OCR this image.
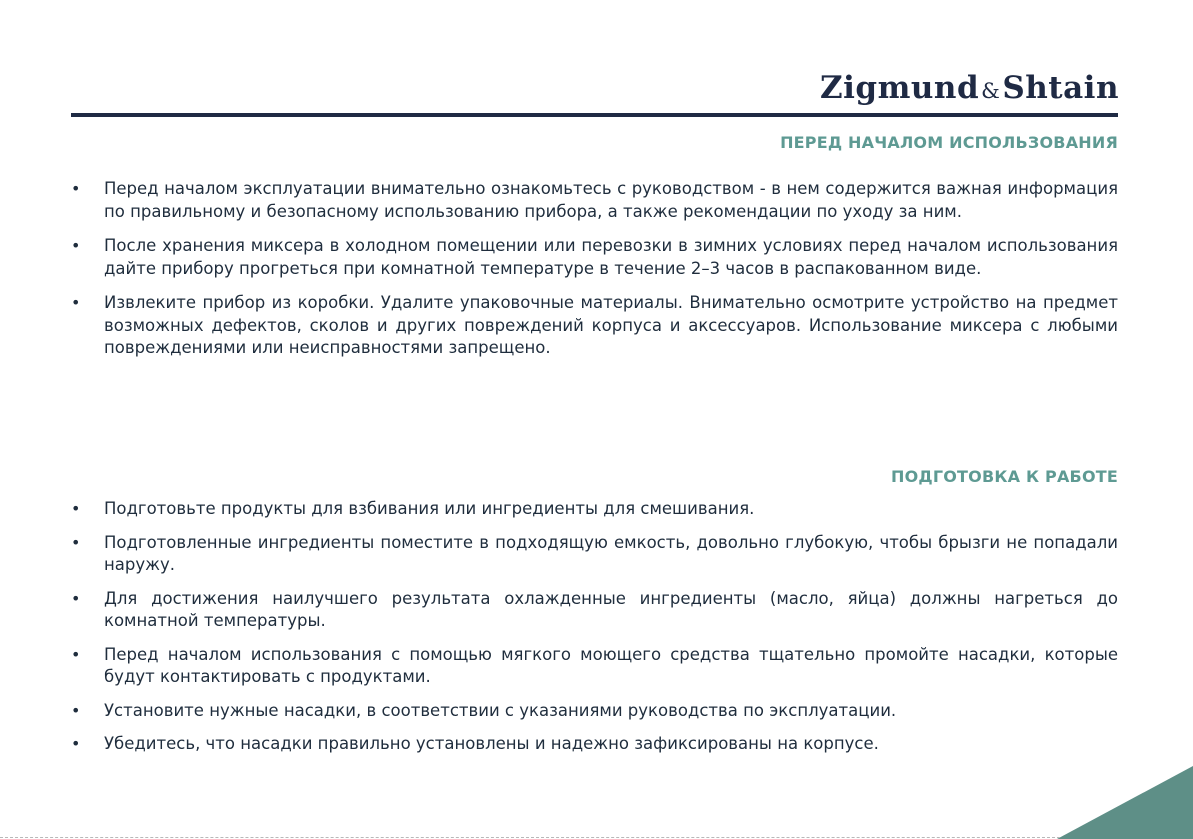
Zigmund&Shtain
ПЕРЕД НАЧАЛОМ ИСПОЛЬЗОВАНИЯ
• Перед началом эксплуатации внимательно ознакомьтесь с руководством - в нем содержится важная информация по правильному и безопасному использованию прибора, а также рекомендации по уходу за ним.
• После хранения миксера в холодном помещении или перевозки в зимних условиях перед началом использования дайте прибору прогреться при комнатной температуре в течение 2–3 часов в распакованном виде.
• Извлеките прибор из коробки. Удалите упаковочные материалы. Внимательно осмотрите устройство на предмет возможных дефектов, сколов и других повреждений корпуса и аксессуаров. Использование миксера с любыми повреждениями или неисправностями запрещено.
ПОДГОТОВКА К РАБОТЕ
• Подготовьте продукты для взбивания или ингредиенты для смешивания.
• Подготовленные ингредиенты поместите в подходящую емкость, довольно глубокую, чтобы брызги не попадали наружу.
• Для достижения наилучшего результата охлажденные ингредиенты (масло, яйца) должны нагреться до комнатной температуры.
• Перед началом использования с помощью мягкого моющего средства тщательно промойте насадки, которые будут контактировать с продуктами.
• Установите нужные насадки, в соответствии с указаниями руководства по эксплуатации.
• Убедитесь, что насадки правильно установлены и надежно зафиксированы на корпусе.
